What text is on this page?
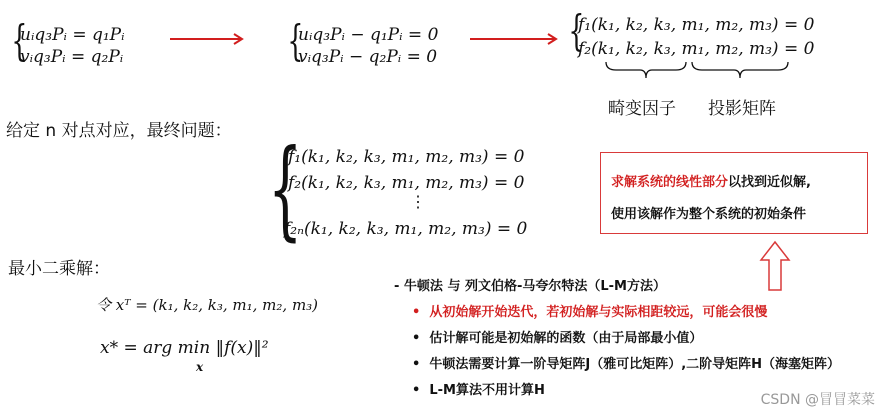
{
uᵢq₃Pᵢ = q₁Pᵢ
vᵢq₃Pᵢ = q₂Pᵢ	{
uᵢq₃Pᵢ − q₁Pᵢ = 0
vᵢq₃Pᵢ − q₂Pᵢ = 0
{
f₁(k₁, k₂, k₃, m₁, m₂, m₃) = 0
f₂(k₁, k₂, k₃, m₁, m₂, m₃) = 0
畸变因子 投影矩阵
给定 n 对点对应，最终问题： {
f₁(k₁, k₂, k₃, m₁, m₂, m₃) = 0
f₂(k₁, k₂, k₃, m₁, m₂, m₃) = 0
⋮
f₂ₙ(k₁, k₂, k₃, m₁, m₂, m₃) = 0
求解系统的线性部分以找到近似解,
使用该解作为整个系统的初始条件
最小二乘解：
令 xᵀ = (k₁, k₂, k₃, m₁, m₂, m₃)
x* = arg min ‖f(x)‖²
x
- 牛顿法 与 列文伯格-马夸尔特法（L-M方法）
•  从初始解开始迭代，若初始解与实际相距较远，可能会很慢
•  估计解可能是初始解的函数（由于局部最小值）
•  牛顿法需要计算一阶导矩阵J（雅可比矩阵）,二阶导矩阵H（海塞矩阵）
•  L-M算法不用计算H
CSDN @冒冒菜菜
